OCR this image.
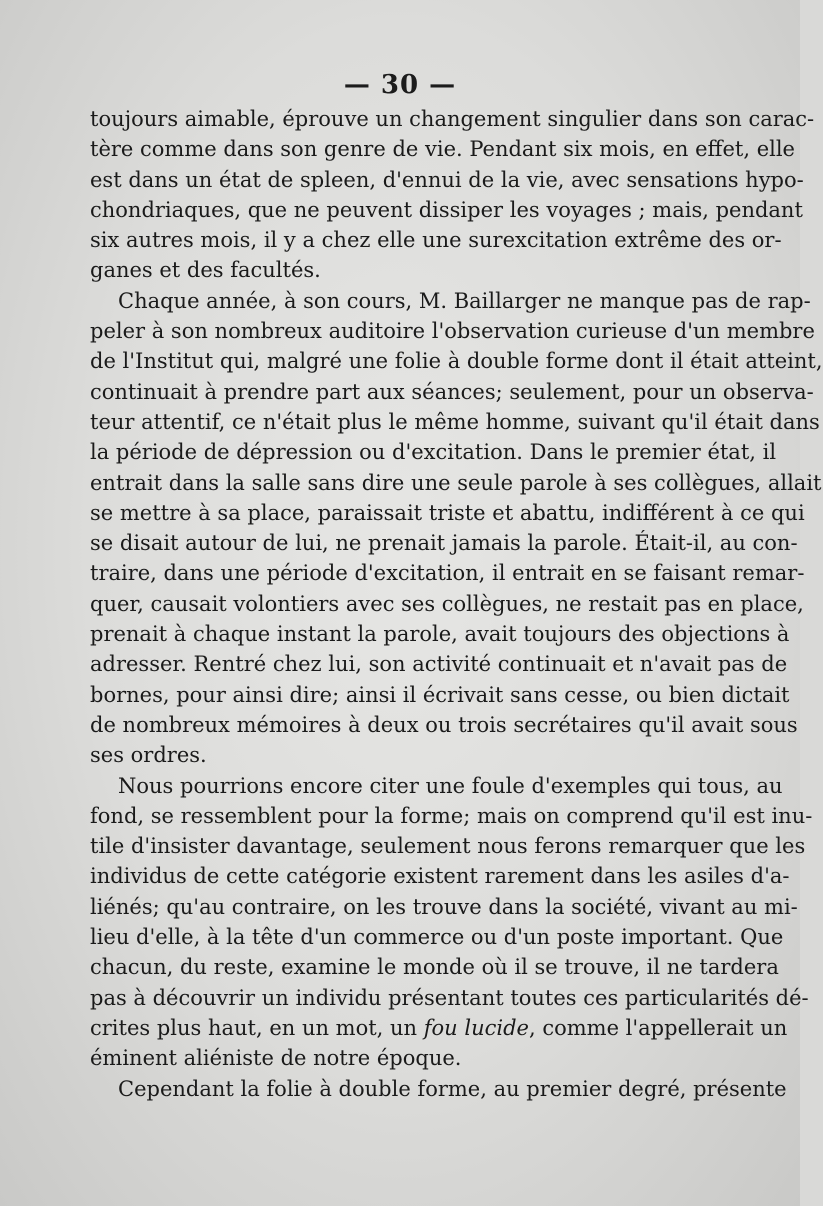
— 30 —
toujours aimable, éprouve un changement singulier dans son carac-
tère comme dans son genre de vie. Pendant six mois, en effet, elle
est dans un état de spleen, d'ennui de la vie, avec sensations hypo-
chondriaques, que ne peuvent dissiper les voyages ; mais, pendant
six autres mois, il y a chez elle une surexcitation extrême des or-
ganes et des facultés.
Chaque année, à son cours, M. Baillarger ne manque pas de rap-
peler à son nombreux auditoire l'observation curieuse d'un membre
de l'Institut qui, malgré une folie à double forme dont il était atteint,
continuait à prendre part aux séances; seulement, pour un observa-
teur attentif, ce n'était plus le même homme, suivant qu'il était dans
la période de dépression ou d'excitation. Dans le premier état, il
entrait dans la salle sans dire une seule parole à ses collègues, allait
se mettre à sa place, paraissait triste et abattu, indifférent à ce qui
se disait autour de lui, ne prenait jamais la parole. Était-il, au con-
traire, dans une période d'excitation, il entrait en se faisant remar-
quer, causait volontiers avec ses collègues, ne restait pas en place,
prenait à chaque instant la parole, avait toujours des objections à
adresser. Rentré chez lui, son activité continuait et n'avait pas de
bornes, pour ainsi dire; ainsi il écrivait sans cesse, ou bien dictait
de nombreux mémoires à deux ou trois secrétaires qu'il avait sous
ses ordres.
Nous pourrions encore citer une foule d'exemples qui tous, au
fond, se ressemblent pour la forme; mais on comprend qu'il est inu-
tile d'insister davantage, seulement nous ferons remarquer que les
individus de cette catégorie existent rarement dans les asiles d'a-
liénés; qu'au contraire, on les trouve dans la société, vivant au mi-
lieu d'elle, à la tête d'un commerce ou d'un poste important. Que
chacun, du reste, examine le monde où il se trouve, il ne tardera
pas à découvrir un individu présentant toutes ces particularités dé-
crites plus haut, en un mot, un fou lucide, comme l'appellerait un
éminent aliéniste de notre époque.
Cependant la folie à double forme, au premier degré, présente
